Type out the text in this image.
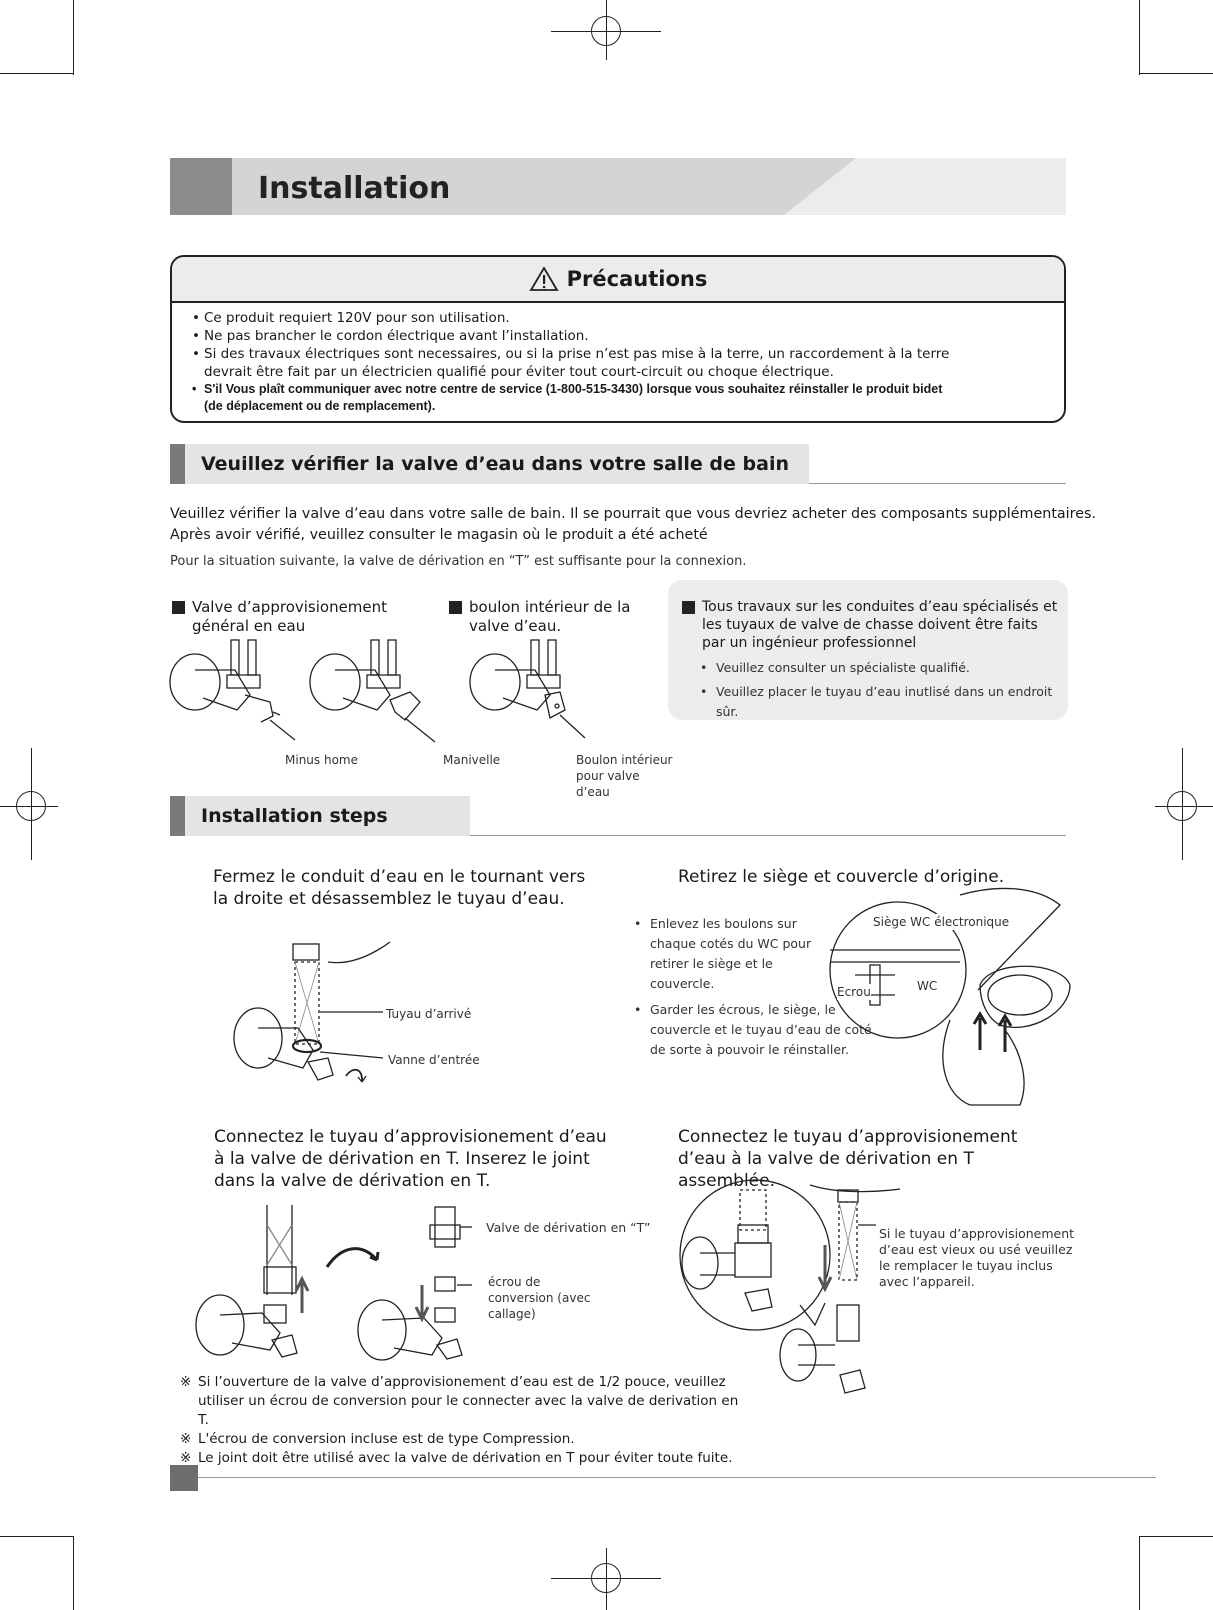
Installation
Précautions
• Ce produit requiert 120V pour son utilisation.
• Ne pas brancher le cordon électrique avant l’installation.
• Si des travaux électriques sont necessaires, ou si la prise n’est pas mise à la terre, un raccordement à la terre devrait être fait par un électricien qualifié pour éviter tout court-circuit ou choque électrique.
• S'il Vous plaît communiquer avec notre centre de service (1-800-515-3430) lorsque vous souhaitez réinstaller le produit bidet (de déplacement ou de remplacement).
Veuillez vérifier la valve d’eau dans votre salle de bain
Veuillez vérifier la valve d’eau dans votre salle de bain. Il se pourrait que vous devriez acheter des composants supplémentaires.
Après avoir vérifié, veuillez consulter le magasin où le produit a été acheté
Pour la situation suivante, la valve de dérivation en “T” est suffisante pour la connexion.
Valve d’approvisionement général en eau
boulon intérieur de la valve d’eau.
Minus home	Manivelle	Boulon intérieur pour valve d’eau
Tous travaux sur les conduites d’eau spécialisés et les tuyaux de valve de chasse doivent être faits par un ingénieur professionnel
• Veuillez consulter un spécialiste qualifié.
• Veuillez placer le tuyau d’eau inutlisé dans un endroit sûr.
Installation steps
Fermez le conduit d’eau en le tournant vers la droite et désassemblez le tuyau d’eau.
Tuyau d’arrivé
Vanne d’entrée
Retirez le siège et couvercle d’origine.
• Enlevez les boulons sur chaque cotés du WC pour retirer le siège et le couvercle.
• Garder les écrous, le siège, le couvercle et le tuyau d’eau de coté de sorte à pouvoir le réinstaller.
Siège WC électronique
Ecrou	WC
Connectez le tuyau d’approvisionement d’eau à la valve de dérivation en T. Inserez le joint dans la valve de dérivation en T.
Valve de dérivation en “T”
écrou de conversion (avec callage)
Connectez le tuyau d’approvisionement d’eau à la valve de dérivation en T assemblée.
Si le tuyau d’approvisionement d’eau est vieux ou usé veuillez le remplacer le tuyau inclus avec l’appareil.
※ Si l’ouverture de la valve d’approvisionement d’eau est de 1/2 pouce, veuillez utiliser un écrou de conversion pour le connecter avec la valve de derivation en T.
※ L'écrou de conversion incluse est de type Compression.
※ Le joint doit être utilisé avec la valve de dérivation en T pour éviter toute fuite.
